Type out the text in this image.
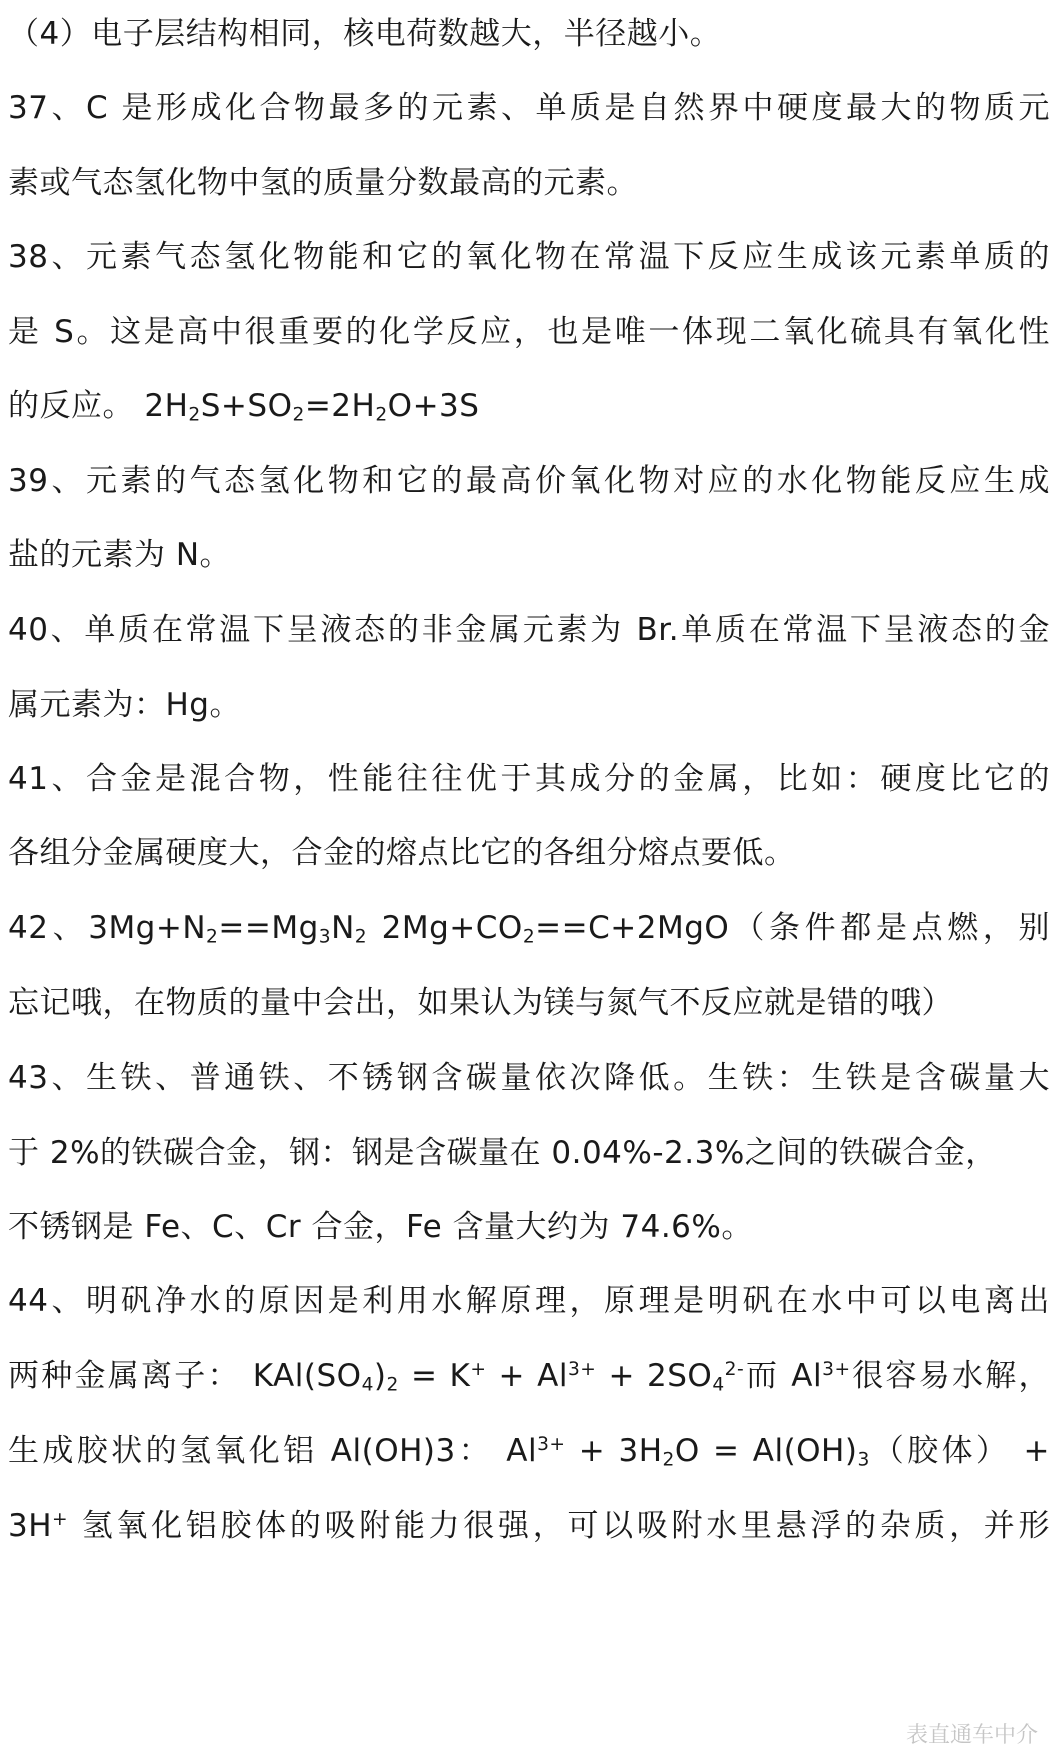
（4）电子层结构相同，核电荷数越大，半径越小。
37、C 是形成化合物最多的元素、单质是自然界中硬度最大的物质元
素或气态氢化物中氢的质量分数最高的元素。
38、元素气态氢化物能和它的氧化物在常温下反应生成该元素单质的
是 S。这是高中很重要的化学反应，也是唯一体现二氧化硫具有氧化性
的反应。 $2H_2S+SO_2=2H_2O+3S$
39、元素的气态氢化物和它的最高价氧化物对应的水化物能反应生成
盐的元素为 N。
40、单质在常温下呈液态的非金属元素为 Br.单质在常温下呈液态的金
属元素为：Hg。
41、合金是混合物，性能往往优于其成分的金属，比如：硬度比它的
各组分金属硬度大，合金的熔点比它的各组分熔点要低。
42、$3Mg+N_2==Mg_3N_2$ $2Mg+CO_2==C+2MgO$（条件都是点燃，别
忘记哦，在物质的量中会出，如果认为镁与氮气不反应就是错的哦）
43、生铁、普通铁、不锈钢含碳量依次降低。生铁：生铁是含碳量大
于 2%的铁碳合金，钢：钢是含碳量在 0.04%-2.3%之间的铁碳合金，
不锈钢是 Fe、C、Cr 合金，Fe 含量大约为 74.6%。
44、明矾净水的原因是利用水解原理，原理是明矾在水中可以电离出
两种金属离子： $KAl(SO_4)_2 = K^+ + Al^{3+} + 2SO_4^{2-}$而 $Al^{3+}$很容易水解，
生成胶状的氢氧化铝 Al(OH)3： $Al^{3+} + 3H_2O = Al(OH)_3$（胶体） +
3H+ 氢氧化铝胶体的吸附能力很强，可以吸附水里悬浮的杂质，并形
表直通车中介
